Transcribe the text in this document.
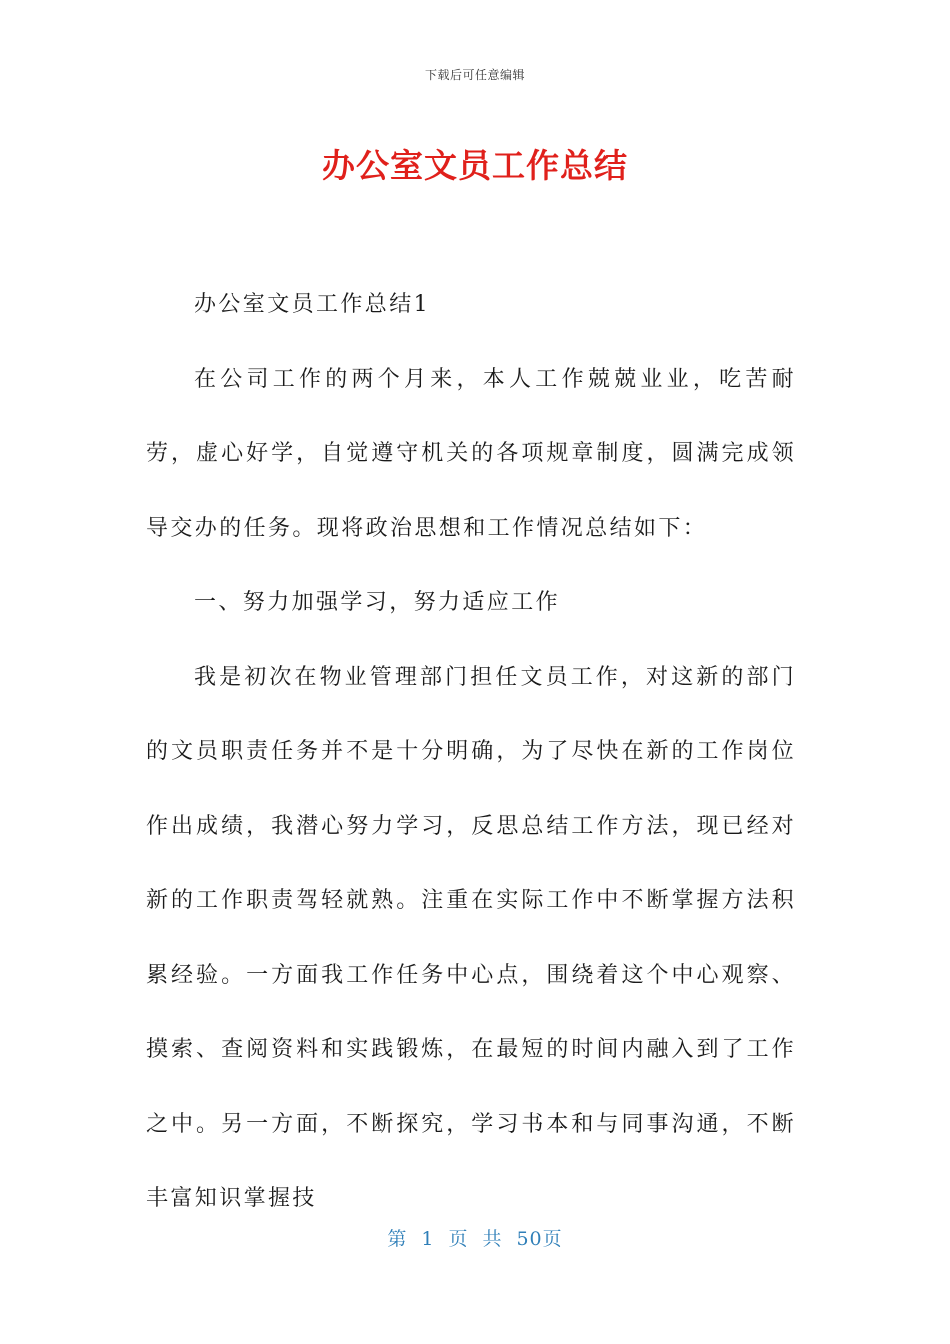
下载后可任意编辑
办公室文员工作总结

办公室文员工作总结1

在公司工作的两个月来，本人工作兢兢业业，吃苦耐劳，虚心好学，自觉遵守机关的各项规章制度，圆满完成领导交办的任务。现将政治思想和工作情况总结如下：

一、努力加强学习，努力适应工作

我是初次在物业管理部门担任文员工作，对这新的部门的文员职责任务并不是十分明确，为了尽快在新的工作岗位作出成绩，我潜心努力学习，反思总结工作方法，现已经对新的工作职责驾轻就熟。注重在实际工作中不断掌握方法积累经验。一方面我工作任务中心点，围绕着这个中心观察、摸索、查阅资料和实践锻炼，在最短的时间内融入到了工作之中。另一方面，不断探究，学习书本和与同事沟通，不断丰富知识掌握技

第 1 页 共 50页
